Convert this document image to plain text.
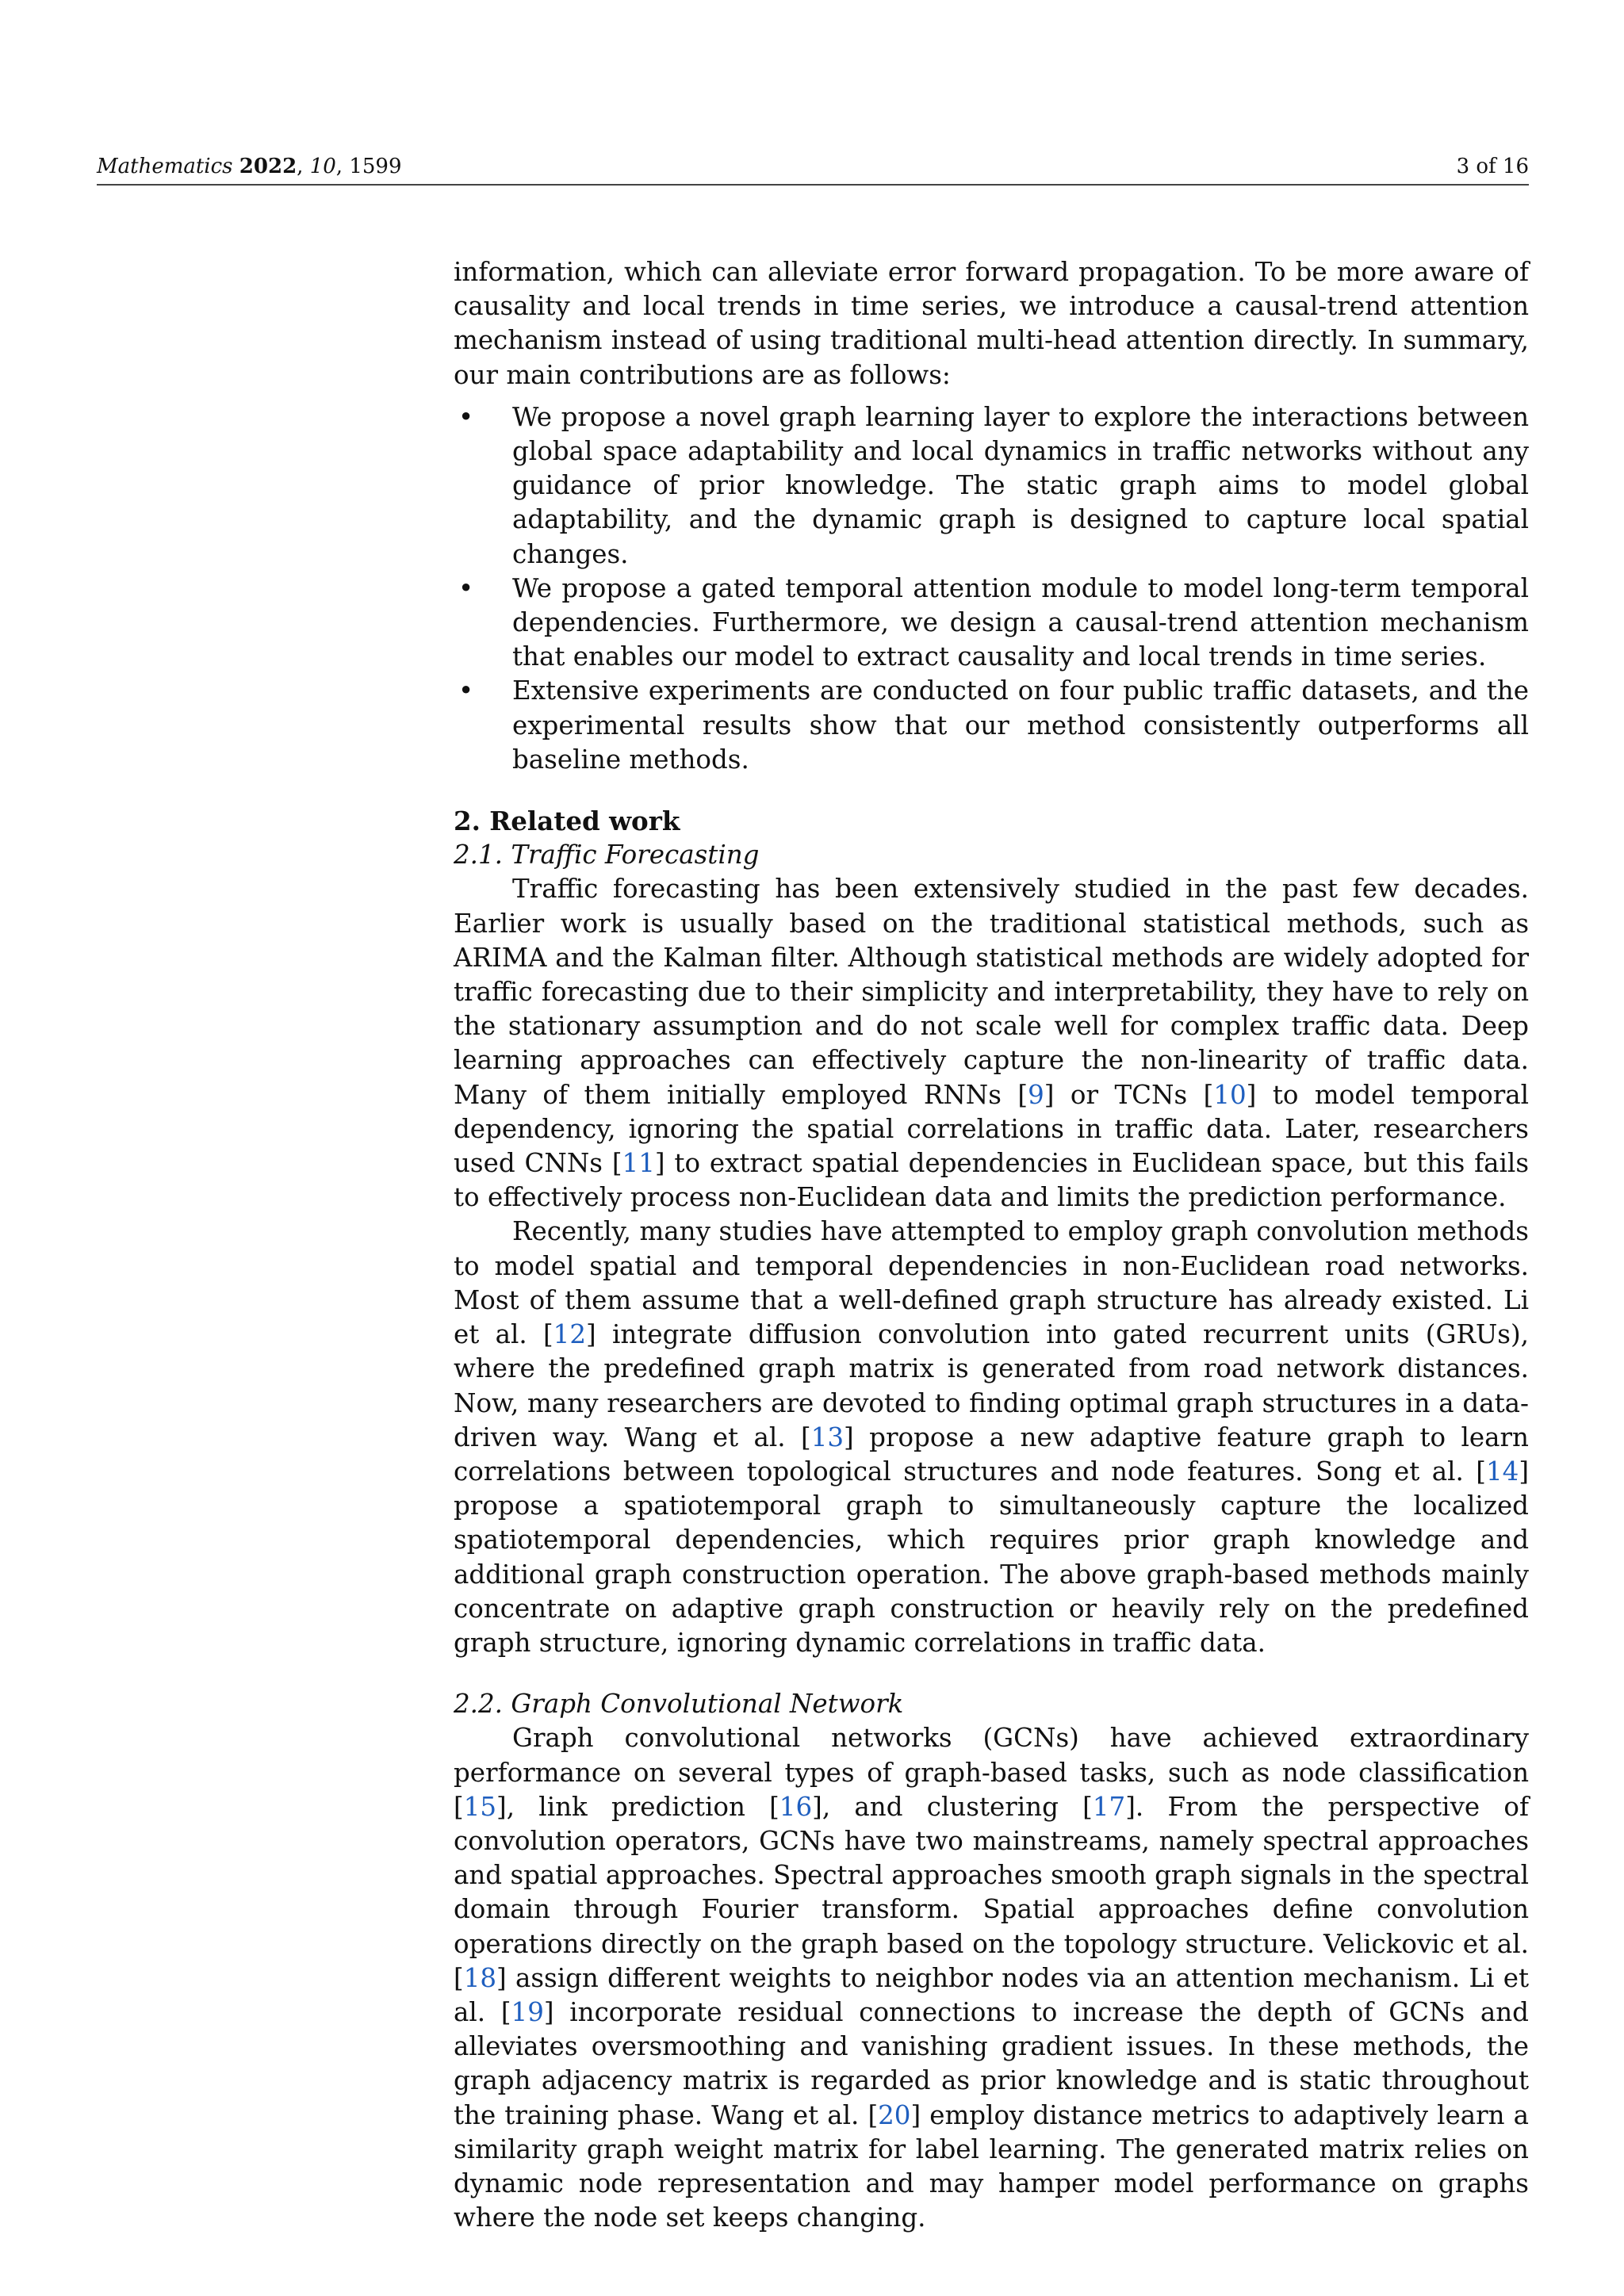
Mathematics 2022, 10, 1599	3 of 16

information, which can alleviate error forward propagation. To be more aware of causality and local trends in time series, we introduce a causal-trend attention mechanism instead of using traditional multi-head attention directly. In summary, our main contributions are as follows:

• We propose a novel graph learning layer to explore the interactions between global space adaptability and local dynamics in traffic networks without any guidance of prior knowledge. The static graph aims to model global adaptability, and the dynamic graph is designed to capture local spatial changes.
• We propose a gated temporal attention module to model long-term temporal dependencies. Furthermore, we design a causal-trend attention mechanism that enables our model to extract causality and local trends in time series.
• Extensive experiments are conducted on four public traffic datasets, and the experimental results show that our method consistently outperforms all baseline methods.
2. Related work
2.1. Traffic Forecasting

Traffic forecasting has been extensively studied in the past few decades. Earlier work is usually based on the traditional statistical methods, such as ARIMA and the Kalman filter. Although statistical methods are widely adopted for traffic forecasting due to their simplicity and interpretability, they have to rely on the stationary assumption and do not scale well for complex traffic data. Deep learning approaches can effectively capture the non-linearity of traffic data. Many of them initially employed RNNs [9] or TCNs [10] to model temporal dependency, ignoring the spatial correlations in traffic data. Later, researchers used CNNs [11] to extract spatial dependencies in Euclidean space, but this fails to effectively process non-Euclidean data and limits the prediction performance.

Recently, many studies have attempted to employ graph convolution methods to model spatial and temporal dependencies in non-Euclidean road networks. Most of them assume that a well-defined graph structure has already existed. Li et al. [12] integrate diffusion convolution into gated recurrent units (GRUs), where the predefined graph matrix is generated from road network distances. Now, many researchers are devoted to finding optimal graph structures in a data-driven way. Wang et al. [13] propose a new adaptive feature graph to learn correlations between topological structures and node features. Song et al. [14] propose a spatiotemporal graph to simultaneously capture the localized spatiotemporal dependencies, which requires prior graph knowledge and additional graph construction operation. The above graph-based methods mainly concentrate on adaptive graph construction or heavily rely on the predefined graph structure, ignoring dynamic correlations in traffic data.

2.2. Graph Convolutional Network

Graph convolutional networks (GCNs) have achieved extraordinary performance on several types of graph-based tasks, such as node classification [15], link prediction [16], and clustering [17]. From the perspective of convolution operators, GCNs have two mainstreams, namely spectral approaches and spatial approaches. Spectral approaches smooth graph signals in the spectral domain through Fourier transform. Spatial approaches define convolution operations directly on the graph based on the topology structure. Velickovic et al. [18] assign different weights to neighbor nodes via an attention mechanism. Li et al. [19] incorporate residual connections to increase the depth of GCNs and alleviates oversmoothing and vanishing gradient issues. In these methods, the graph adjacency matrix is regarded as prior knowledge and is static throughout the training phase. Wang et al. [20] employ distance metrics to adaptively learn a similarity graph weight matrix for label learning. The generated matrix relies on dynamic node representation and may hamper model performance on graphs where the node set keeps changing.
